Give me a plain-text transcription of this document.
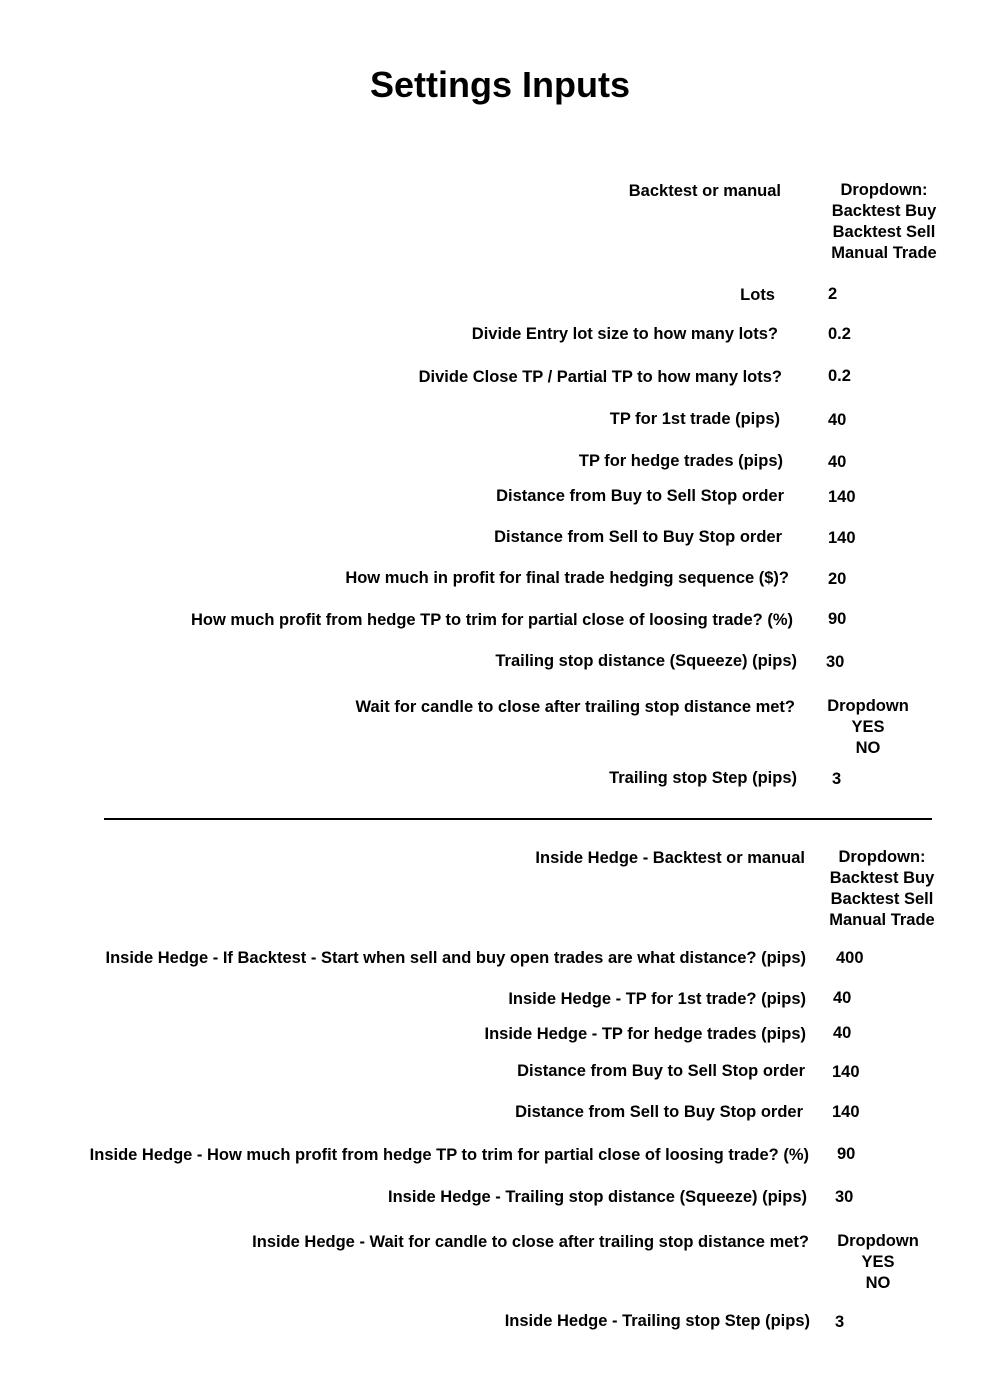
Settings Inputs
Backtest or manual	Dropdown:
Backtest Buy
Backtest Sell
Manual Trade
Lots	2
Divide Entry lot size to how many lots?	0.2
Divide Close TP / Partial TP to how many lots?	0.2
TP for 1st trade (pips)	40
TP for hedge trades (pips)	40
Distance from Buy to Sell Stop order	140
Distance from Sell to Buy Stop order	140
How much in profit for final trade hedging sequence ($)? 20
How much profit from hedge TP to trim for partial close of loosing trade? (%) 90
Trailing stop distance (Squeeze) (pips) 30
Wait for candle to close after trailing stop distance met?	Dropdown
YES
NO
Trailing stop Step (pips) 3
Inside Hedge - Backtest or manual	Dropdown:
Backtest Buy
Backtest Sell
Manual Trade
Inside Hedge - If Backtest - Start when sell and buy open trades are what distance? (pips) 400
Inside Hedge - TP for 1st trade? (pips) 40
Inside Hedge - TP for hedge trades (pips) 40
Distance from Buy to Sell Stop order 140
Distance from Sell to Buy Stop order 140
Inside Hedge - How much profit from hedge TP to trim for partial close of loosing trade? (%) 90
Inside Hedge - Trailing stop distance (Squeeze) (pips) 30
Inside Hedge - Wait for candle to close after trailing stop distance met?	Dropdown
YES
NO
Inside Hedge - Trailing stop Step (pips) 3
